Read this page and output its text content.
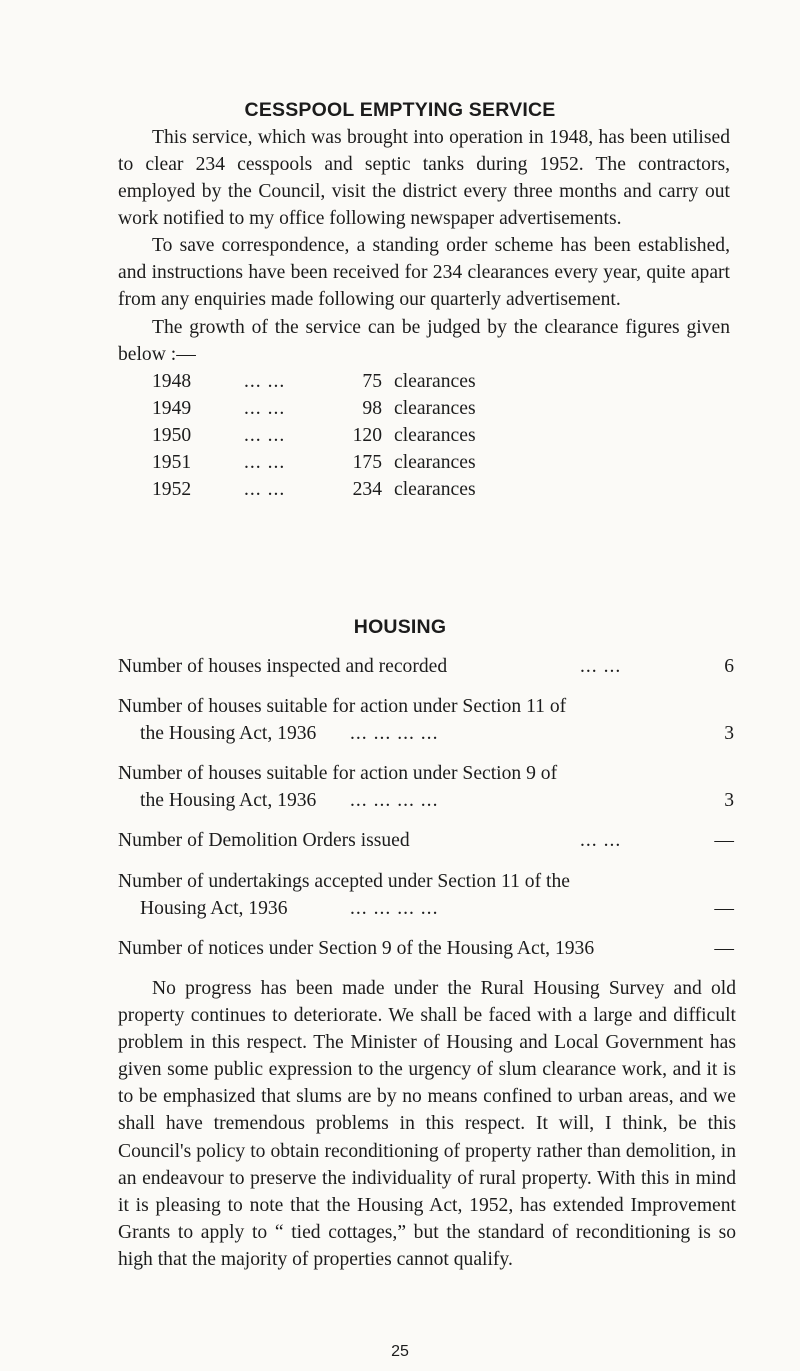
CESSPOOL EMPTYING SERVICE

This service, which was brought into operation in 1948, has been utilised to clear 234 cesspools and septic tanks during 1952. The contractors, employed by the Council, visit the district every three months and carry out work notified to my office following newspaper advertisements.

To save correspondence, a standing order scheme has been established, and instructions have been received for 234 clearances every year, quite apart from any enquiries made following our quarterly advertisement.

The growth of the service can be judged by the clearance figures given below :—

1948	... ...	75 clearances
1949	... ...	98 clearances
1950	... ...	120 clearances
1951	... ...	175 clearances
1952	... ...	234 clearances
HOUSING
Number of houses inspected and recorded	... ...	6
Number of houses suitable for action under Section 11 of
the Housing Act, 1936	... ... ... ...	3
Number of houses suitable for action under Section 9 of
the Housing Act, 1936	... ... ... ...	3
Number of Demolition Orders issued	... ...	—
Number of undertakings accepted under Section 11 of the
Housing Act, 1936	... ... ... ...	—
Number of notices under Section 9 of the Housing Act, 1936	—

No progress has been made under the Rural Housing Survey and old property continues to deteriorate. We shall be faced with a large and difficult problem in this respect. The Minister of Housing and Local Government has given some public expression to the urgency of slum clearance work, and it is to be emphasized that slums are by no means confined to urban areas, and we shall have tremendous problems in this respect. It will, I think, be this Council's policy to obtain reconditioning of property rather than demolition, in an endeavour to preserve the individuality of rural property. With this in mind it is pleasing to note that the Housing Act, 1952, has extended Improvement Grants to apply to “ tied cottages,” but the standard of reconditioning is so high that the majority of properties cannot qualify.

25
